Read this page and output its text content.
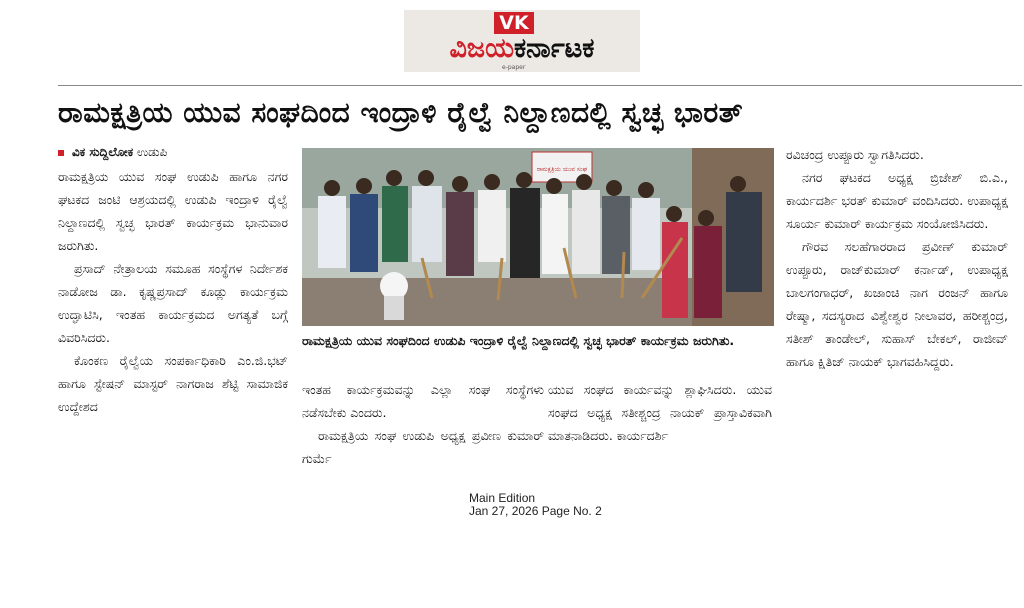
VK
ವಿಜಯಕರ್ನಾಟಕ
e-paper
ರಾಮಕ್ಷತ್ರಿಯ ಯುವ ಸಂಘದಿಂದ ಇಂದ್ರಾಳಿ ರೈಲ್ವೆ ನಿಲ್ದಾಣದಲ್ಲಿ ಸ್ವಚ್ಛ ಭಾರತ್
ವಿಕ ಸುದ್ದಿಲೋಕ ಉಡುಪಿ

ರಾಮಕ್ಷತ್ರಿಯ ಯುವ ಸಂಘ ಉಡುಪಿ ಹಾಗೂ ನಗರ ಘಟಕದ ಜಂಟಿ ಆಶ್ರಯದಲ್ಲಿ ಉಡುಪಿ ಇಂದ್ರಾಳಿ ರೈಲ್ವೆ ನಿಲ್ದಾಣದಲ್ಲಿ ಸ್ವಚ್ಛ ಭಾರತ್ ಕಾರ್ಯಕ್ರಮ ಭಾನುವಾರ ಜರುಗಿತು.

ಪ್ರಸಾದ್ ನೇತ್ರಾಲಯ ಸಮೂಹ ಸಂಸ್ಥೆಗಳ ನಿರ್ದೇಶಕ ನಾಡೋಜ ಡಾ. ಕೃಷ್ಣಪ್ರಸಾದ್ ಕೂಡ್ಲು ಕಾರ್ಯಕ್ರಮ ಉದ್ಘಾಟಿಸಿ, ಇಂತಹ ಕಾರ್ಯಕ್ರಮದ ಅಗತ್ಯತೆ ಬಗ್ಗೆ ವಿವರಿಸಿದರು.

ಕೊಂಕಣ ರೈಲ್ವೆಯ ಸಂಪರ್ಕಾಧಿಕಾರಿ ಎಂ.ಜಿ.ಭಟ್ ಹಾಗೂ ಸ್ಟೇಷನ್ ಮಾಸ್ಟರ್ ನಾಗರಾಜ ಶೆಟ್ಟಿ ಸಾಮಾಜಿಕ ಉದ್ದೇಶದ

ರಾಮಕ್ಷತ್ರಿಯ ಯುವ ಸಂಘ
ರಾಮಕ್ಷತ್ರಿಯ ಯುವ ಸಂಘದಿಂದ ಉಡುಪಿ ಇಂದ್ರಾಳಿ ರೈಲ್ವೆ ನಿಲ್ದಾಣದಲ್ಲಿ ಸ್ವಚ್ಛ ಭಾರತ್ ಕಾರ್ಯಕ್ರಮ ಜರುಗಿತು.

ಇಂತಹ ಕಾರ್ಯಕ್ರಮವನ್ನು ಎಲ್ಲಾ ಸಂಘ ಸಂಸ್ಥೆಗಳು ನಡೆಸಬೇಕು ಎಂದರು.

ರಾಮಕ್ಷತ್ರಿಯ ಸಂಘ ಉಡುಪಿ ಅಧ್ಯಕ್ಷ ಪ್ರವೀಣ ಕುಮಾರ್ ಗುರ್ಮೆ

ಯುವ ಸಂಘದ ಕಾರ್ಯವನ್ನು ಶ್ಲಾಘಿಸಿದರು. ಯುವ ಸಂಘದ ಅಧ್ಯಕ್ಷ ಸತೀಶ್ಚಂದ್ರ ನಾಯಕ್ ಪ್ರಾಸ್ತಾವಿಕವಾಗಿ ಮಾತನಾಡಿದರು. ಕಾರ್ಯದರ್ಶಿ

ರವಿಚಂದ್ರ ಉಪ್ಪೂರು ಸ್ವಾಗತಿಸಿದರು.

ನಗರ ಘಟಕದ ಅಧ್ಯಕ್ಷ ಬ್ರಿಜೇಶ್ ಬಿ.ಎ., ಕಾರ್ಯದರ್ಶಿ ಭರತ್ ಕುಮಾರ್ ವಂದಿಸಿದರು. ಉಪಾಧ್ಯಕ್ಷ ಸೂರ್ಯ ಕುಮಾರ್ ಕಾರ್ಯಕ್ರಮ ಸಂಯೋಜಿಸಿದರು.

ಗೌರವ ಸಲಹೆಗಾರರಾದ ಪ್ರವೀಣ್ ಕುಮಾರ್ ಉಪ್ಪೂರು, ರಾಜ್‌ಕುಮಾರ್ ಕರ್ನಾಡ್, ಉಪಾಧ್ಯಕ್ಷ ಬಾಲಗಂಗಾಧರ್, ಖಜಾಂಚಿ ನಾಗ ರಂಜನ್ ಹಾಗೂ ರೇಷ್ಮಾ, ಸದಸ್ಯರಾದ ವಿಶ್ವೇಶ್ವರ ನೀಲಾವರ, ಹರೀಶ್ಚಂದ್ರ, ಸತೀಶ್ ತಾಂಡೇಲ್, ಸುಹಾಸ್ ಬೇಕಲ್, ರಾಜೀವ್ ಹಾಗೂ ಕ್ಷಿತಿಜ್ ನಾಯಕ್ ಭಾಗವಹಿಸಿದ್ದರು.

Main Edition
Jan 27, 2026 Page No. 2
